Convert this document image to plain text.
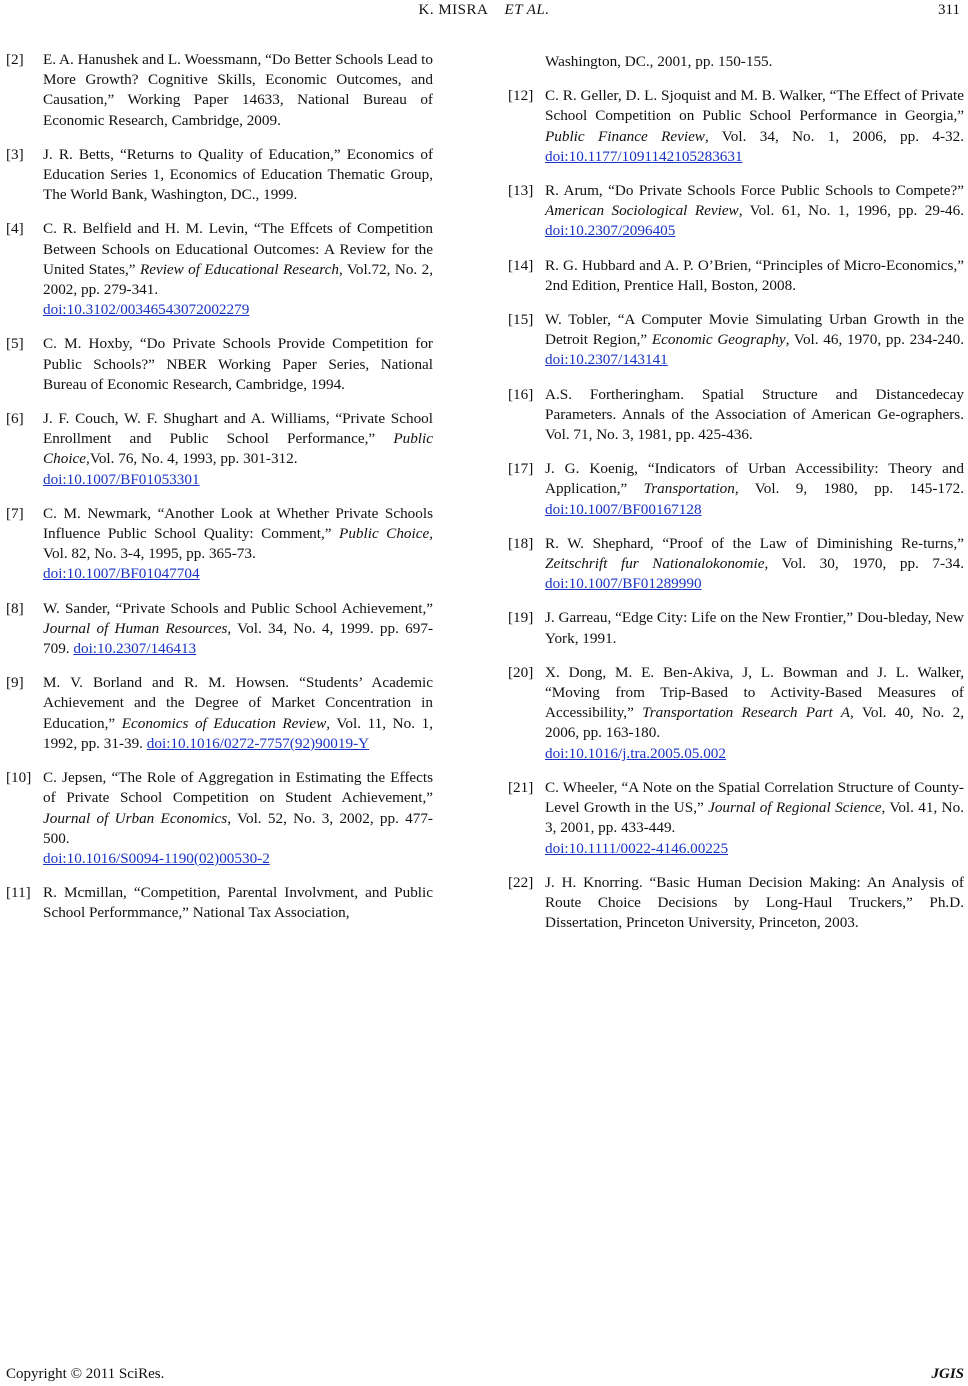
K. MISRA ET AL.	311
[2] E. A. Hanushek and L. Woessmann, “Do Better Schools Lead to More Growth? Cognitive Skills, Economic Outcomes, and Causation,” Working Paper 14633, National Bureau of Economic Research, Cambridge, 2009.
[3] J. R. Betts, “Returns to Quality of Education,” Economics of Education Series 1, Economics of Education Thematic Group, The World Bank, Washington, DC., 1999.
[4] C. R. Belfield and H. M. Levin, “The Effcets of Competition Between Schools on Educational Outcomes: A Review for the United States,” Review of Educational Research, Vol.72, No. 2, 2002, pp. 279-341.
doi:10.3102/00346543072002279
[5] C. M. Hoxby, “Do Private Schools Provide Competition for Public Schools?” NBER Working Paper Series, National Bureau of Economic Research, Cambridge, 1994.
[6] J. F. Couch, W. F. Shughart and A. Williams, “Private School Enrollment and Public School Performance,” Public Choice,Vol. 76, No. 4, 1993, pp. 301-312.
doi:10.1007/BF01053301
[7] C. M. Newmark, “Another Look at Whether Private Schools Influence Public School Quality: Comment,” Public Choice, Vol. 82, No. 3-4, 1995, pp. 365-73.
doi:10.1007/BF01047704
[8] W. Sander, “Private Schools and Public School Achievement,” Journal of Human Resources, Vol. 34, No. 4, 1999. pp. 697-709. doi:10.2307/146413
[9] M. V. Borland and R. M. Howsen. “Students’ Academic Achievement and the Degree of Market Concentration in Education,” Economics of Education Review, Vol. 11, No. 1, 1992, pp. 31-39. doi:10.1016/0272-7757(92)90019-Y
[10] C. Jepsen, “The Role of Aggregation in Estimating the Effects of Private School Competition on Student Achievement,” Journal of Urban Economics, Vol. 52, No. 3, 2002, pp. 477-500.
doi:10.1016/S0094-1190(02)00530-2
[11] R. Mcmillan, “Competition, Parental Involvment, and Public School Performmance,” National Tax Association,
Washington, DC., 2001, pp. 150-155.
[12] C. R. Geller, D. L. Sjoquist and M. B. Walker, “The Effect of Private School Competition on Public School Performance in Georgia,” Public Finance Review, Vol. 34, No. 1, 2006, pp. 4-32. doi:10.1177/1091142105283631
[13] R. Arum, “Do Private Schools Force Public Schools to Compete?” American Sociological Review, Vol. 61, No. 1, 1996, pp. 29-46. doi:10.2307/2096405
[14] R. G. Hubbard and A. P. O’Brien, “Principles of Micro-Economics,” 2nd Edition, Prentice Hall, Boston, 2008.
[15] W. Tobler, “A Computer Movie Simulating Urban Growth in the Detroit Region,” Economic Geography, Vol. 46, 1970, pp. 234-240. doi:10.2307/143141
[16] A.S. Fortheringham. Spatial Structure and Distancedecay Parameters. Annals of the Association of American Ge-ographers. Vol. 71, No. 3, 1981, pp. 425-436.
[17] J. G. Koenig, “Indicators of Urban Accessibility: Theory and Application,” Transportation, Vol. 9, 1980, pp. 145-172. doi:10.1007/BF00167128
[18] R. W. Shephard, “Proof of the Law of Diminishing Re-turns,” Zeitschrift fur Nationalokonomie, Vol. 30, 1970, pp. 7-34. doi:10.1007/BF01289990
[19] J. Garreau, “Edge City: Life on the New Frontier,” Dou-bleday, New York, 1991.
[20] X. Dong, M. E. Ben-Akiva, J, L. Bowman and J. L. Walker, “Moving from Trip-Based to Activity-Based Measures of Accessibility,” Transportation Research Part A, Vol. 40, No. 2, 2006, pp. 163-180.
doi:10.1016/j.tra.2005.05.002
[21] C. Wheeler, “A Note on the Spatial Correlation Structure of County-Level Growth in the US,” Journal of Regional Science, Vol. 41, No. 3, 2001, pp. 433-449.
doi:10.1111/0022-4146.00225
[22] J. H. Knorring. “Basic Human Decision Making: An Analysis of Route Choice Decisions by Long-Haul Truckers,” Ph.D. Dissertation, Princeton University, Princeton, 2003.
Copyright © 2011 SciRes.	JGIS
